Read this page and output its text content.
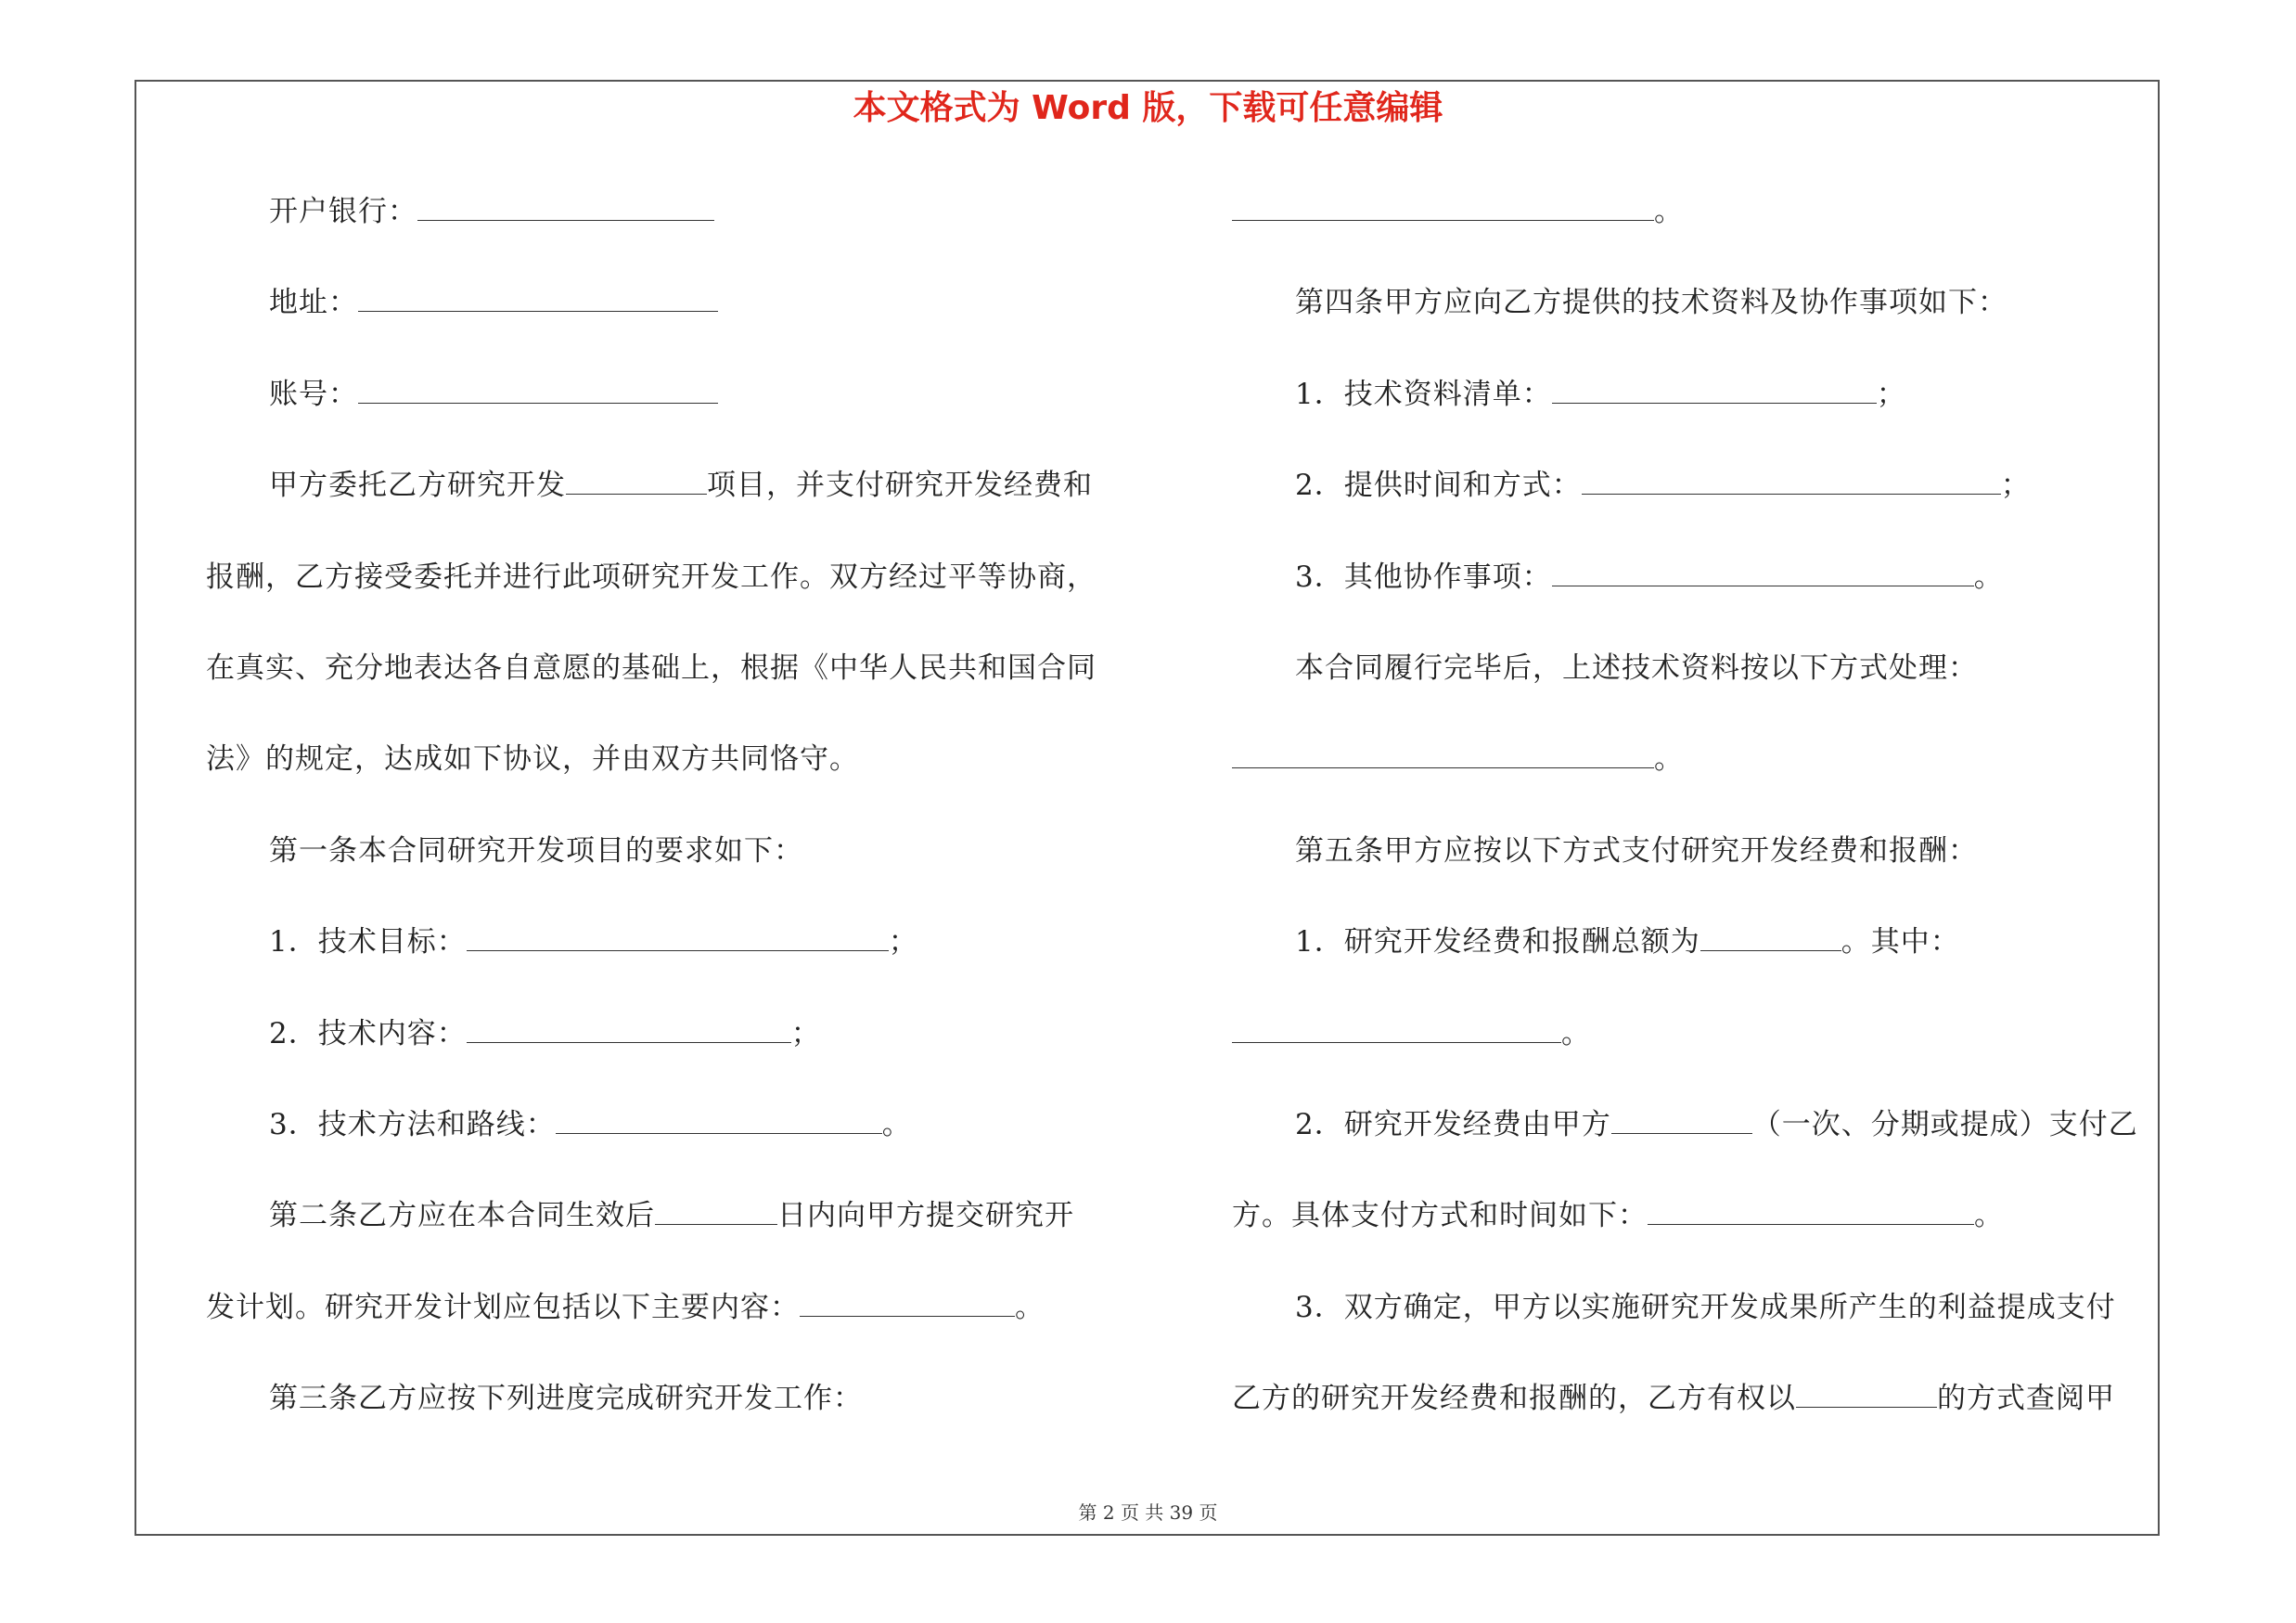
本文格式为 Word 版，下载可任意编辑
开户银行：
地址：
账号：
甲方委托乙方研究开发	项目，并支付研究开发经费和
报酬，乙方接受委托并进行此项研究开发工作。双方经过平等协商，
在真实、充分地表达各自意愿的基础上，根据《中华人民共和国合同
法》的规定，达成如下协议，并由双方共同恪守。
第一条本合同研究开发项目的要求如下：
1．技术目标：	；
2．技术内容：	；
3．技术方法和路线：	。
第二条乙方应在本合同生效后	日内向甲方提交研究开
发计划。研究开发计划应包括以下主要内容：	。
第三条乙方应按下列进度完成研究开发工作：
。
第四条甲方应向乙方提供的技术资料及协作事项如下：
1．技术资料清单：	；
2．提供时间和方式：	；
3．其他协作事项：	。
本合同履行完毕后，上述技术资料按以下方式处理：
。
第五条甲方应按以下方式支付研究开发经费和报酬：
1．研究开发经费和报酬总额为	。其中：
。
2．研究开发经费由甲方	（一次、分期或提成）支付乙
方。具体支付方式和时间如下：	。
3．双方确定，甲方以实施研究开发成果所产生的利益提成支付
乙方的研究开发经费和报酬的，乙方有权以	的方式查阅甲
第 2 页 共 39 页
